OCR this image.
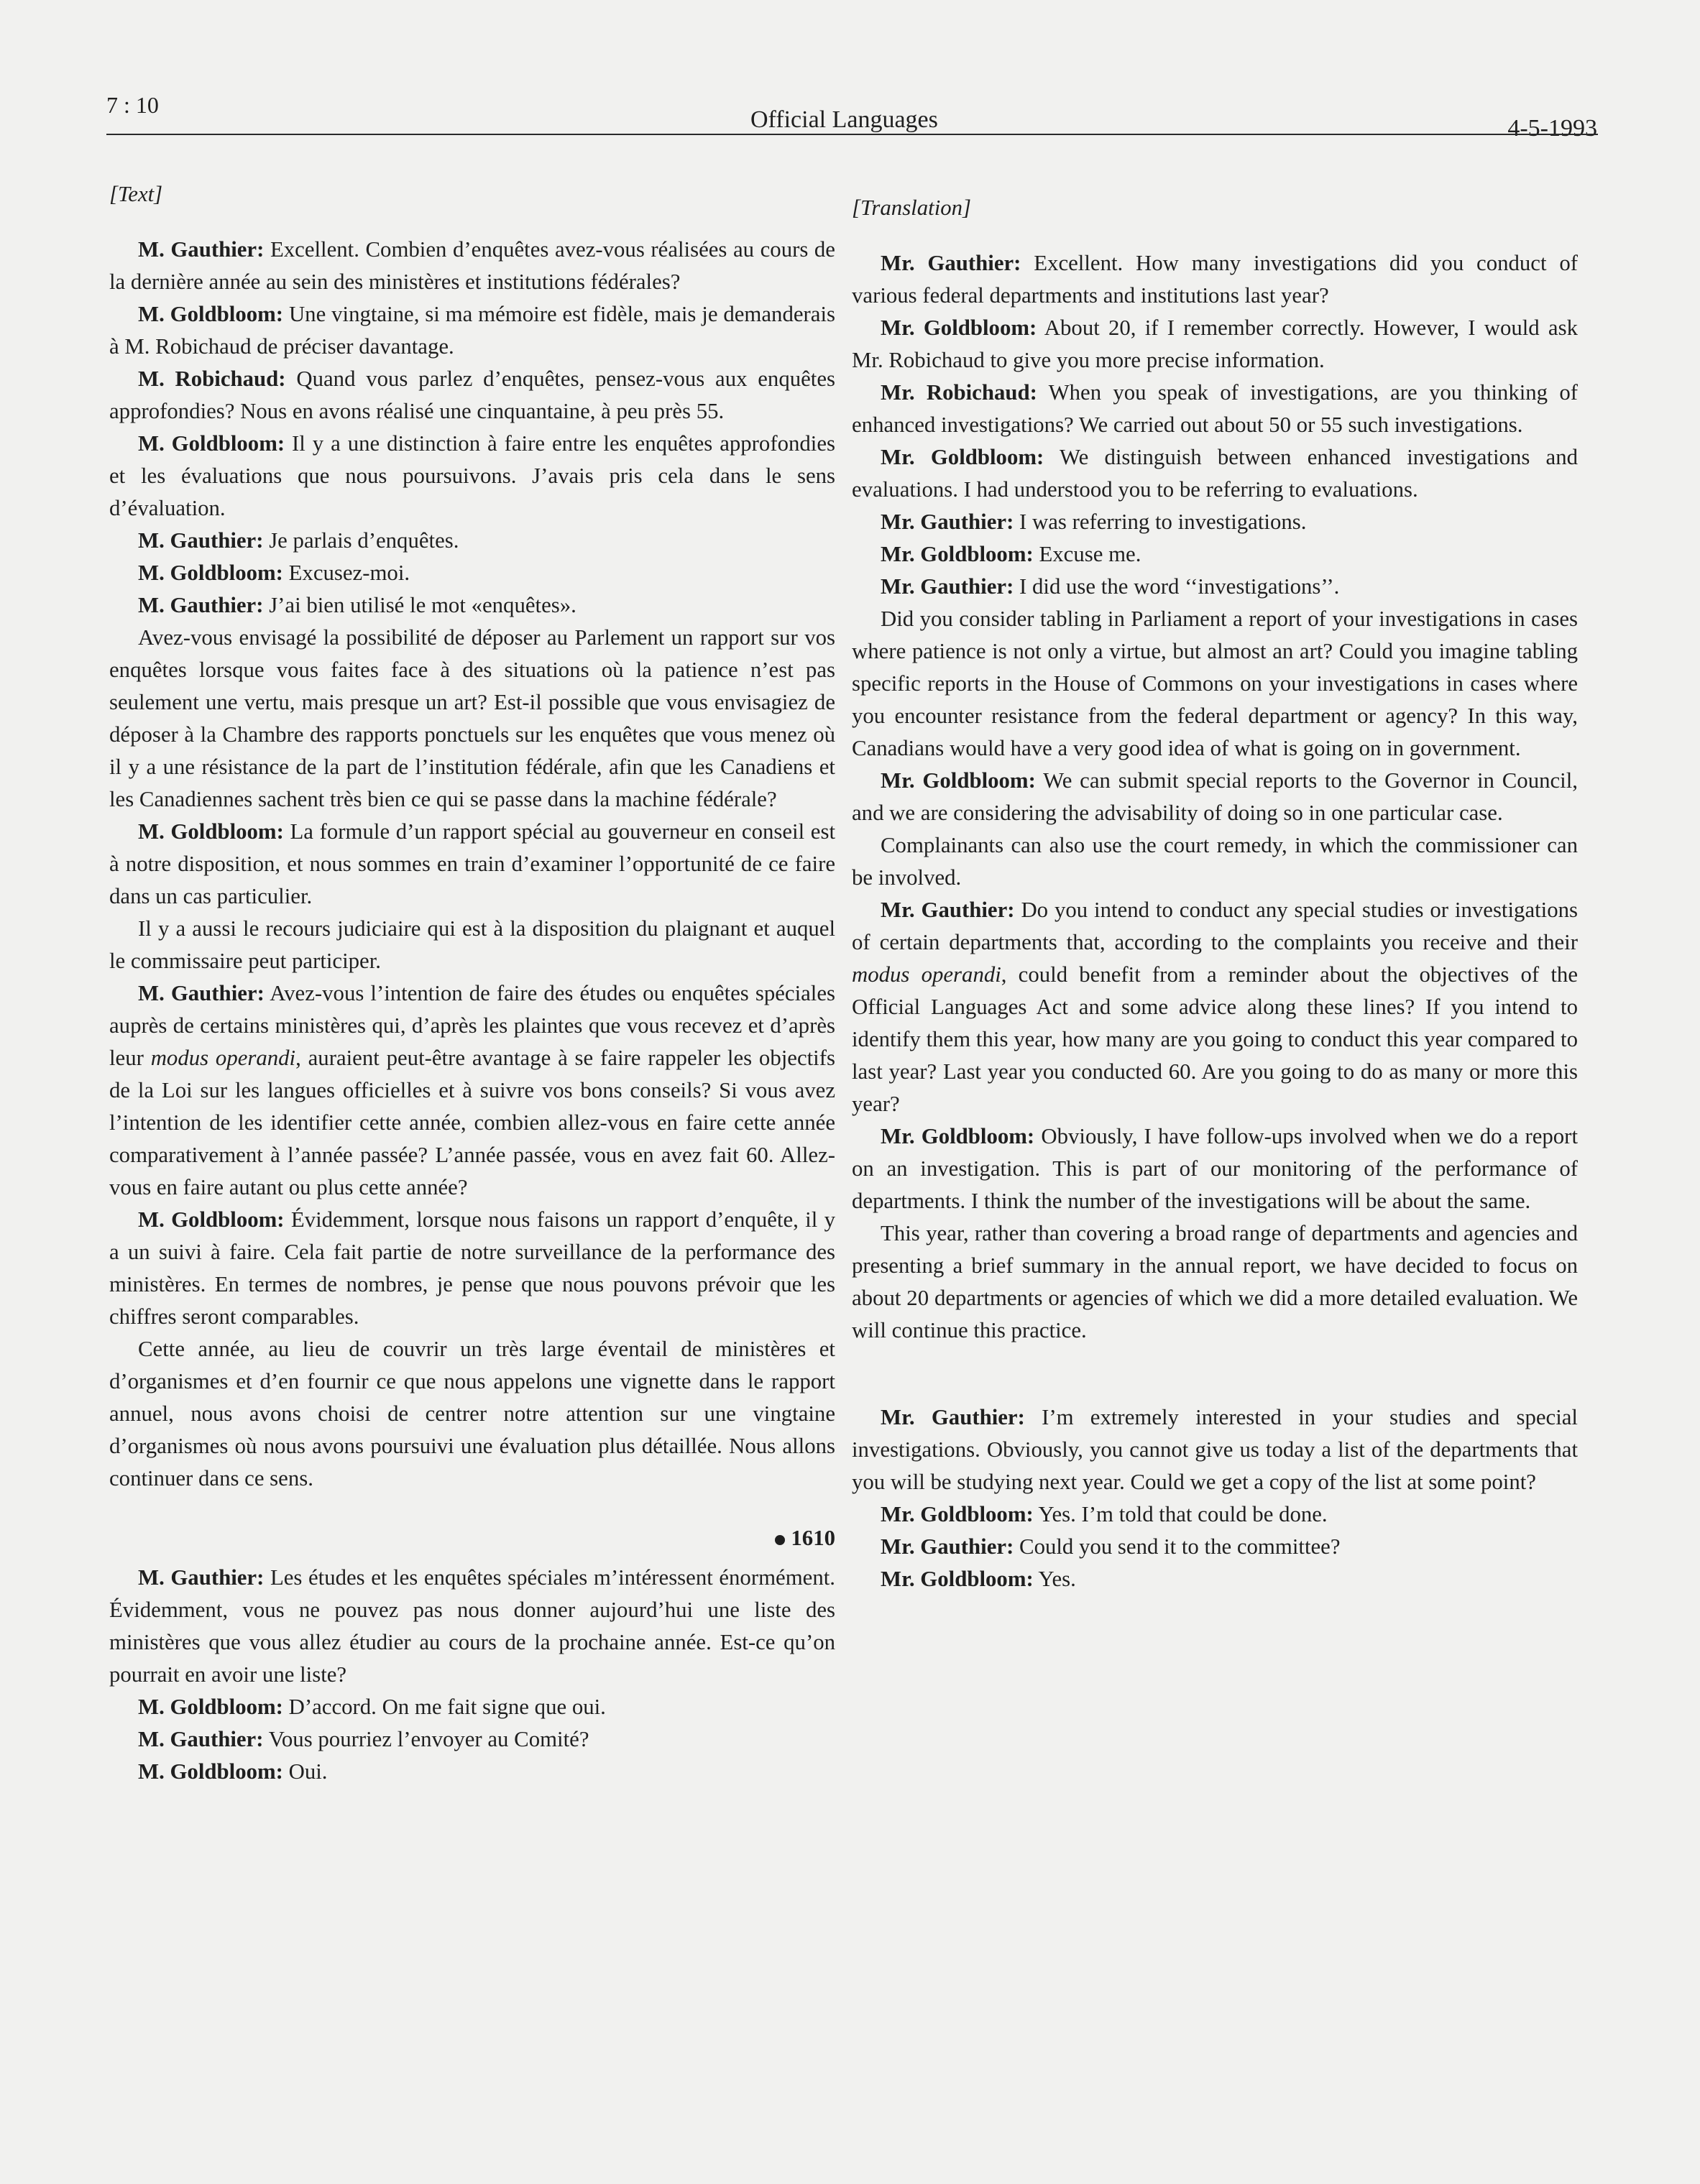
7 : 10
Official Languages	4-5-1993

[Text]

M. Gauthier: Excellent. Combien d’enquêtes avez-vous réalisées au cours de la dernière année au sein des ministères et institutions fédérales?

M. Goldbloom: Une vingtaine, si ma mémoire est fidèle, mais je demanderais à M. Robichaud de préciser davantage.

M. Robichaud: Quand vous parlez d’enquêtes, pensez-vous aux enquêtes approfondies? Nous en avons réalisé une cinquantaine, à peu près 55.

M. Goldbloom: Il y a une distinction à faire entre les enquêtes approfondies et les évaluations que nous poursuivons. J’avais pris cela dans le sens d’évaluation.

M. Gauthier: Je parlais d’enquêtes.

M. Goldbloom: Excusez-moi.

M. Gauthier: J’ai bien utilisé le mot «enquêtes».

Avez-vous envisagé la possibilité de déposer au Parlement un rapport sur vos enquêtes lorsque vous faites face à des situations où la patience n’est pas seulement une vertu, mais presque un art? Est-il possible que vous envisagiez de déposer à la Chambre des rapports ponctuels sur les enquêtes que vous menez où il y a une résistance de la part de l’institution fédérale, afin que les Canadiens et les Canadiennes sachent très bien ce qui se passe dans la machine fédérale?

M. Goldbloom: La formule d’un rapport spécial au gouverneur en conseil est à notre disposition, et nous sommes en train d’examiner l’opportunité de ce faire dans un cas particulier.

Il y a aussi le recours judiciaire qui est à la disposition du plaignant et auquel le commissaire peut participer.

M. Gauthier: Avez-vous l’intention de faire des études ou enquêtes spéciales auprès de certains ministères qui, d’après les plaintes que vous recevez et d’après leur modus operandi, auraient peut-être avantage à se faire rappeler les objectifs de la Loi sur les langues officielles et à suivre vos bons conseils? Si vous avez l’intention de les identifier cette année, combien allez-vous en faire cette année comparativement à l’année passée? L’année passée, vous en avez fait 60. Allez-vous en faire autant ou plus cette année?

M. Goldbloom: Évidemment, lorsque nous faisons un rapport d’enquête, il y a un suivi à faire. Cela fait partie de notre surveillance de la performance des ministères. En termes de nombres, je pense que nous pouvons prévoir que les chiffres seront comparables.

Cette année, au lieu de couvrir un très large éventail de ministères et d’organismes et d’en fournir ce que nous appelons une vignette dans le rapport annuel, nous avons choisi de centrer notre attention sur une vingtaine d’organismes où nous avons poursuivi une évaluation plus détaillée. Nous allons continuer dans ce sens.

1610

M. Gauthier: Les études et les enquêtes spéciales m’intéressent énormément. Évidemment, vous ne pouvez pas nous donner aujourd’hui une liste des ministères que vous allez étudier au cours de la prochaine année. Est-ce qu’on pourrait en avoir une liste?

M. Goldbloom: D’accord. On me fait signe que oui.

M. Gauthier: Vous pourriez l’envoyer au Comité?

M. Goldbloom: Oui.

[Translation]

Mr. Gauthier: Excellent. How many investigations did you conduct of various federal departments and institutions last year?

Mr. Goldbloom: About 20, if I remember correctly. However, I would ask Mr. Robichaud to give you more precise information.

Mr. Robichaud: When you speak of investigations, are you thinking of enhanced investigations? We carried out about 50 or 55 such investigations.

Mr. Goldbloom: We distinguish between enhanced investigations and evaluations. I had understood you to be referring to evaluations.

Mr. Gauthier: I was referring to investigations.

Mr. Goldbloom: Excuse me.

Mr. Gauthier: I did use the word ‘‘investigations’’.

Did you consider tabling in Parliament a report of your investigations in cases where patience is not only a virtue, but almost an art? Could you imagine tabling specific reports in the House of Commons on your investigations in cases where you encounter resistance from the federal department or agency? In this way, Canadians would have a very good idea of what is going on in government.

Mr. Goldbloom: We can submit special reports to the Governor in Council, and we are considering the advisability of doing so in one particular case.

Complainants can also use the court remedy, in which the commissioner can be involved.

Mr. Gauthier: Do you intend to conduct any special studies or investigations of certain departments that, according to the complaints you receive and their modus operandi, could benefit from a reminder about the objectives of the Official Languages Act and some advice along these lines? If you intend to identify them this year, how many are you going to conduct this year compared to last year? Last year you conducted 60. Are you going to do as many or more this year?

Mr. Goldbloom: Obviously, I have follow-ups involved when we do a report on an investigation. This is part of our monitoring of the performance of departments. I think the number of the investigations will be about the same.

This year, rather than covering a broad range of departments and agencies and presenting a brief summary in the annual report, we have decided to focus on about 20 departments or agencies of which we did a more detailed evaluation. We will continue this practice.

Mr. Gauthier: I’m extremely interested in your studies and special investigations. Obviously, you cannot give us today a list of the departments that you will be studying next year. Could we get a copy of the list at some point?

Mr. Goldbloom: Yes. I’m told that could be done.

Mr. Gauthier: Could you send it to the committee?

Mr. Goldbloom: Yes.
